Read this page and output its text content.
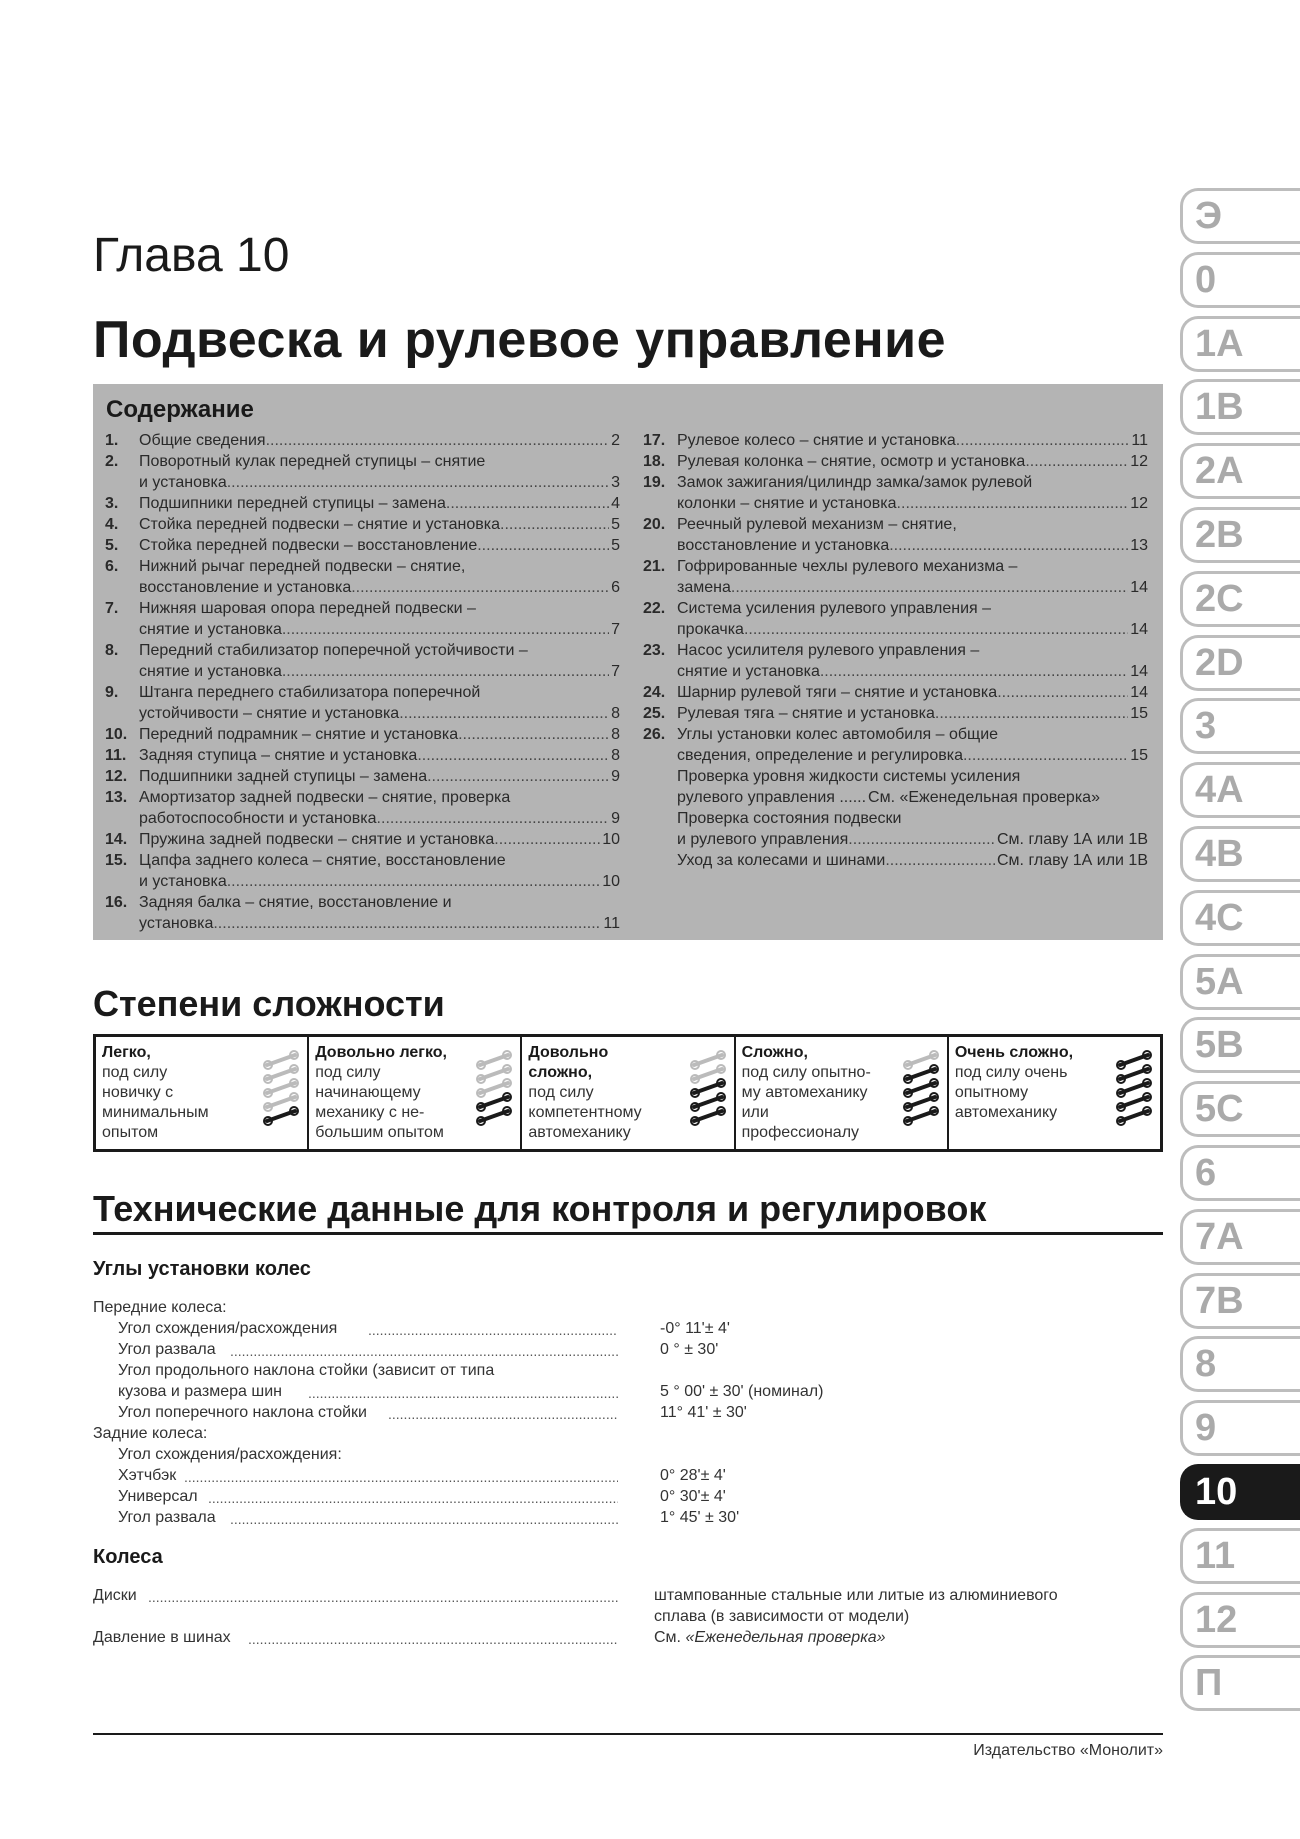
Глава 10
Подвеска и рулевое управление
Содержание
1.	Общие сведения .....	2
2.	Поворотный кулак передней ступицы – снятие
и установка .....	3
3.	Подшипники передней ступицы – замена .....	4
4.	Стойка передней подвески – снятие и установка .....	5
5.	Стойка передней подвески – восстановление .....	5
6.	Нижний рычаг передней подвески – снятие,
восстановление и установка .....	6
7.	Нижняя шаровая опора передней подвески –
снятие и установка .....	7
8.	Передний стабилизатор поперечной устойчивости –
снятие и установка .....	7
9.	Штанга переднего стабилизатора поперечной
устойчивости – снятие и установка .....	8
10. Передний подрамник – снятие и установка .....	8
11. Задняя ступица – снятие и установка .....	8
12. Подшипники задней ступицы – замена .....	9
13. Амортизатор задней подвески – снятие, проверка
работоспособности и установка .....	9
14. Пружина задней подвески – снятие и установка .....	10
15. Цапфа заднего колеса – снятие, восстановление
и установка .....	10
16. Задняя балка – снятие, восстановление и
установка .....	11
17. Рулевое колесо – снятие и установка .....	11
18. Рулевая колонка – снятие, осмотр и установка .....	12
19. Замок зажигания/цилиндр замка/замок рулевой
колонки – снятие и установка .....	12
20. Реечный рулевой механизм – снятие,
восстановление и установка .....	13
21. Гофрированные чехлы рулевого механизма –
замена .....	14
22. Система усиления рулевого управления –
прокачка .....	14
23. Насос усилителя рулевого управления –
снятие и установка .....	14
24. Шарнир рулевой тяги – снятие и установка .....	14
25. Рулевая тяга – снятие и установка .....	15
26. Углы установки колес автомобиля – общие
сведения, определение и регулировка .....	15
Проверка уровня жидкости системы усиления
рулевого управления ...... См. «Еженедельная проверка»
Проверка состояния подвески
и рулевого управления .....	См. главу 1А или 1В
Уход за колесами и шинами .....	См. главу 1А или 1В
Степени сложности
Легко,
под силу
новичку с
минимальным
опытом

Довольно легко,
под силу
начинающему
механику с не-
большим опытом

Довольно
сложно,
под силу
компетентному
автомеханику

Сложно,
под силу опытно-
му автомеханику
или
профессионалу

Очень сложно,
под силу очень
опытному
автомеханику

Технические данные для контроля и регулировок
Углы установки колес
Передние колеса:
Угол схождения/расхождения .....	-0° 11'± 4'
Угол развала .....	0 ° ± 30'
Угол продольного наклона стойки (зависит от типа
кузова и размера шин .....	5 ° 00' ± 30' (номинал)
Угол поперечного наклона стойки .....	11° 41' ± 30'
Задние колеса:
Угол схождения/расхождения:
Хэтчбэк .....	0° 28'± 4'
Универсал .....	0° 30'± 4'
Угол развала .....	1° 45' ± 30'
Колеса
Диски .....	штампованные стальные или литые из алюминиевого
сплава (в зависимости от модели)
Давление в шинах .....	См. «Еженедельная проверка»
Издательство «Монолит»
Э
0
1А
1В
2А
2В
2С
2D
3
4А
4В
4С
5А
5В
5С
6
7А
7В
8
9
10
11
12
П
